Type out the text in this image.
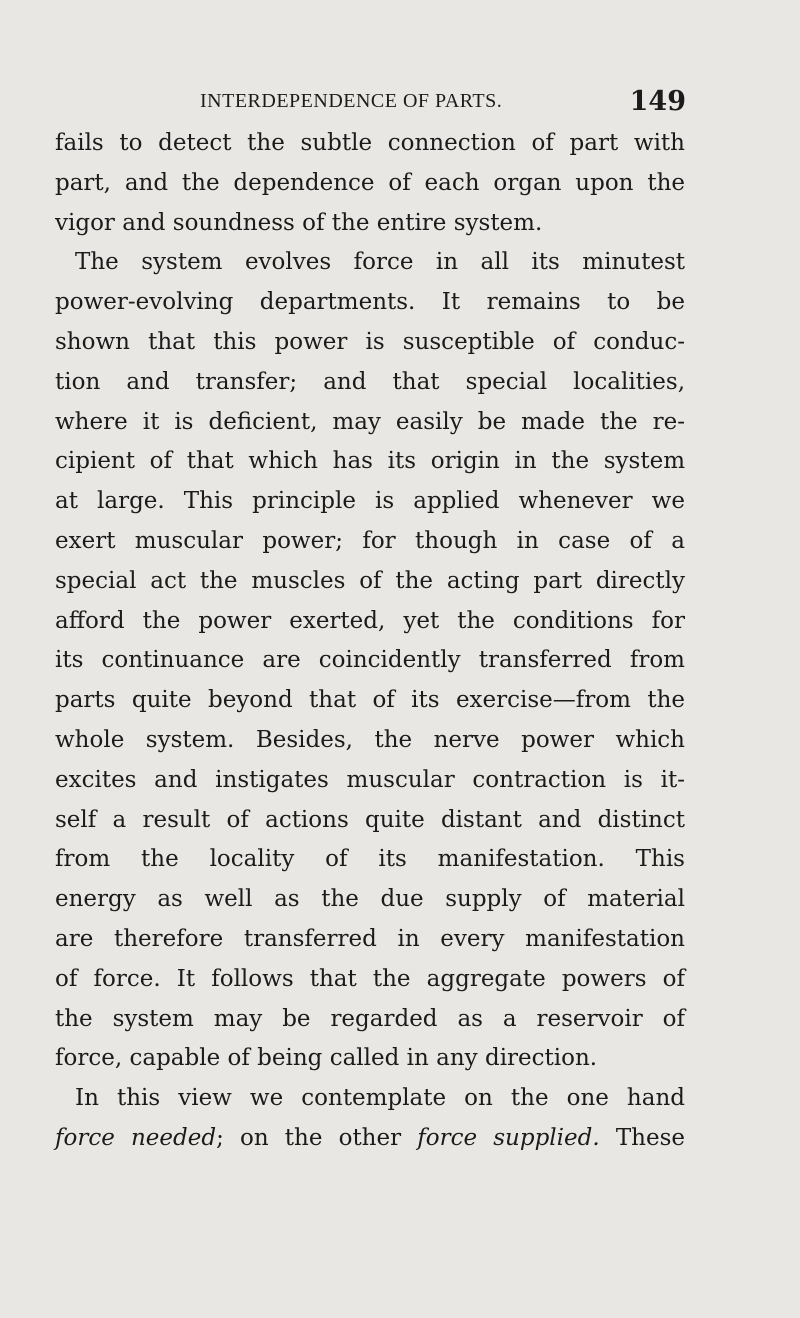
INTERDEPENDENCE OF PARTS.	149
fails to detect the subtle connection of part with
part, and the dependence of each organ upon the
vigor and soundness of the entire system.
The system evolves force in all its minutest
power-evolving departments. It remains to be
shown that this power is susceptible of conduc-
tion and transfer; and that special localities,
where it is deficient, may easily be made the re-
cipient of that which has its origin in the system
at large. This principle is applied whenever we
exert muscular power; for though in case of a
special act the muscles of the acting part directly
afford the power exerted, yet the conditions for
its continuance are coincidently transferred from
parts quite beyond that of its exercise—from the
whole system. Besides, the nerve power which
excites and instigates muscular contraction is it-
self a result of actions quite distant and distinct
from the locality of its manifestation. This
energy as well as the due supply of material
are therefore transferred in every manifestation
of force. It follows that the aggregate powers of
the system may be regarded as a reservoir of
force, capable of being called in any direction.
In this view we contemplate on the one hand
force needed; on the other force supplied. These
